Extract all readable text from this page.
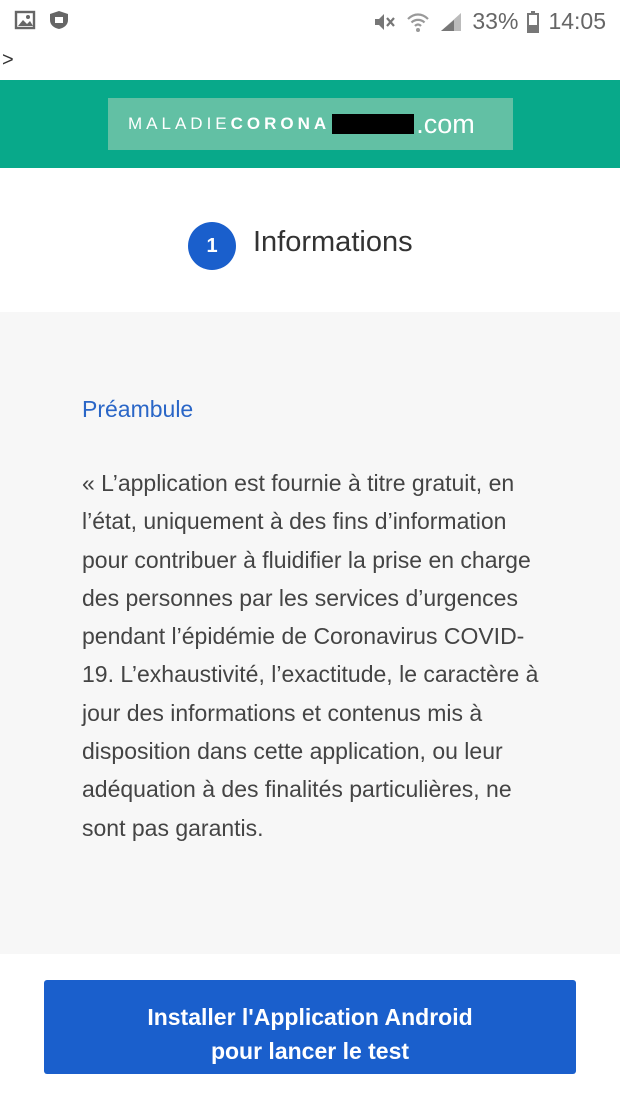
33% 14:05
>
MALADIE CORONA	.com
1	Informations
Préambule

« L’application est fournie à titre gratuit, en l’état, uniquement à des fins d’information pour contribuer à fluidifier la prise en charge des personnes par les services d’urgences pendant l’épidémie de Coronavirus COVID-19. L’exhaustivité, l’exactitude, le caractère à jour des informations et contenus mis à disposition dans cette application, ou leur adéquation à des finalités particulières, ne sont pas garantis.

Installer l'Application Android
pour lancer le test
